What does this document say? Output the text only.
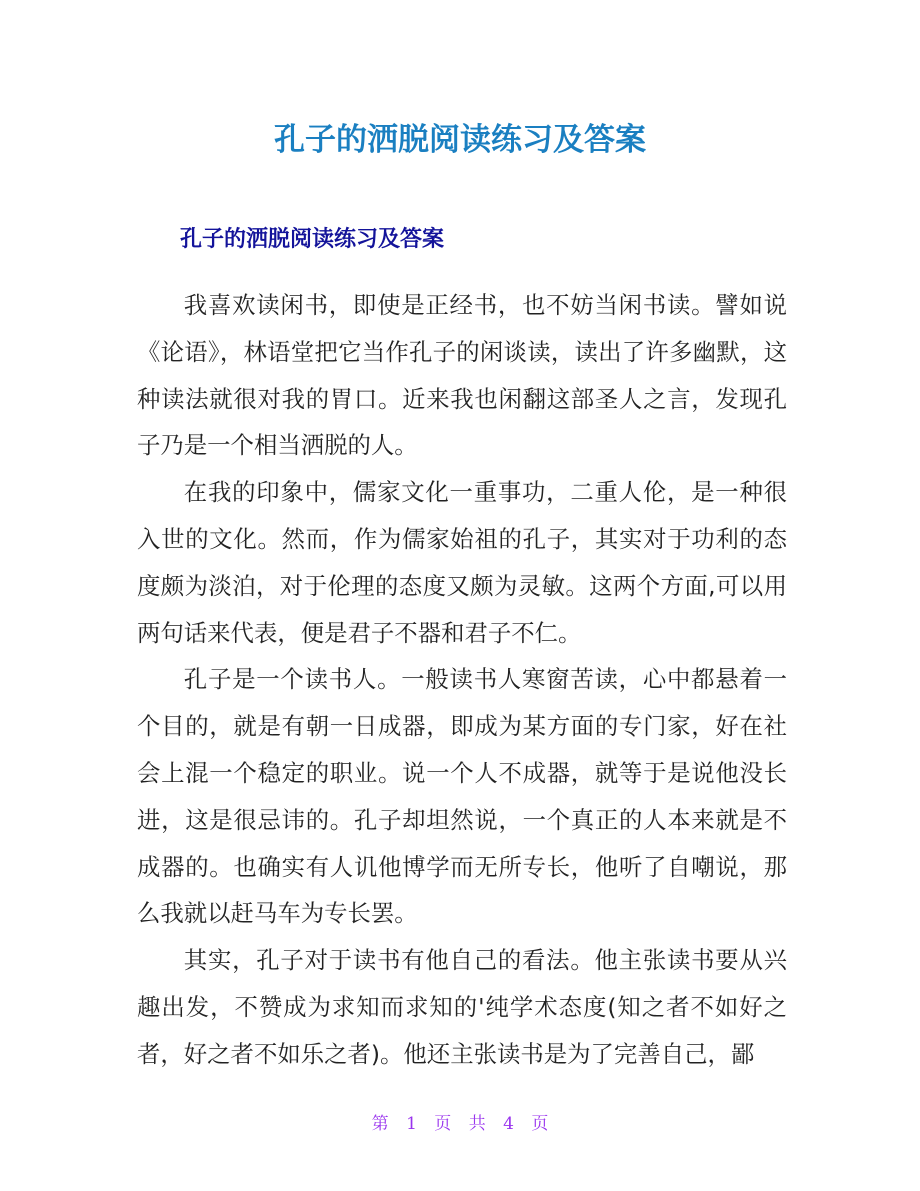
孔子的洒脱阅读练习及答案
孔子的洒脱阅读练习及答案

我喜欢读闲书，即使是正经书，也不妨当闲书读。譬如说《论语》，林语堂把它当作孔子的闲谈读，读出了许多幽默，这种读法就很对我的胃口。近来我也闲翻这部圣人之言，发现孔子乃是一个相当洒脱的人。

在我的印象中，儒家文化一重事功，二重人伦，是一种很入世的文化。然而，作为儒家始祖的孔子，其实对于功利的态度颇为淡泊，对于伦理的态度又颇为灵敏。这两个方面,可以用两句话来代表，便是君子不器和君子不仁。

孔子是一个读书人。一般读书人寒窗苦读，心中都悬着一个目的，就是有朝一日成器，即成为某方面的专门家，好在社会上混一个稳定的职业。说一个人不成器，就等于是说他没长进，这是很忌讳的。孔子却坦然说，一个真正的人本来就是不成器的。也确实有人讥他博学而无所专长，他听了自嘲说，那么我就以赶马车为专长罢。

其实，孔子对于读书有他自己的看法。他主张读书要从兴趣出发，不赞成为求知而求知的'纯学术态度(知之者不如好之者，好之者不如乐之者)。他还主张读书是为了完善自己，鄙

第 1 页 共 4 页
